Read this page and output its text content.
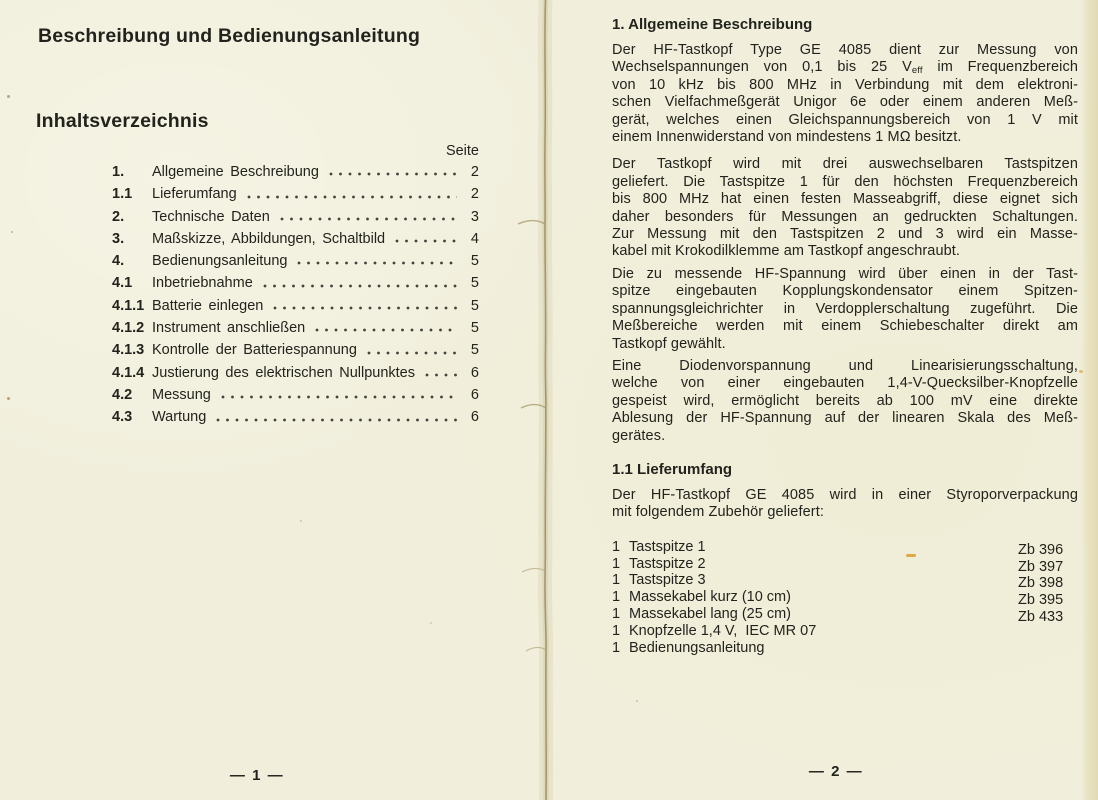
Beschreibung und Bedienungsanleitung
Inhaltsverzeichnis
Seite
1.	Allgemeine Beschreibung	2
1.1	Lieferumfang	2
2.	Technische Daten	3
3.	Maßskizze, Abbildungen, Schaltbild	4
4.	Bedienungsanleitung	5
4.1	Inbetriebnahme	5
4.1.1 Batterie einlegen	5
4.1.2 Instrument anschließen	5
4.1.3 Kontrolle der Batteriespannung	5
4.1.4 Justierung des elektrischen Nullpunktes	6
4.2	Messung	6
4.3	Wartung	6
— 1 —
1. Allgemeine Beschreibung
Der HF-Tastkopf Type GE 4085 dient zur Messung von
Wechselspannungen von 0,1 bis 25 $V_{eff}$ im Frequenzbereich
von 10 kHz bis 800 MHz in Verbindung mit dem elektroni-
schen Vielfachmeßgerät Unigor 6e oder einem anderen Meß-
gerät, welches einen Gleichspannungsbereich von 1 V mit
einem Innenwiderstand von mindestens 1 MΩ besitzt.
Der Tastkopf wird mit drei auswechselbaren Tastspitzen
geliefert. Die Tastspitze 1 für den höchsten Frequenzbereich
bis 800 MHz hat einen festen Masseabgriff, diese eignet sich
daher besonders für Messungen an gedruckten Schaltungen.
Zur Messung mit den Tastspitzen 2 und 3 wird ein Masse-
kabel mit Krokodilklemme am Tastkopf angeschraubt.
Die zu messende HF-Spannung wird über einen in der Tast-
spitze eingebauten Kopplungskondensator einem Spitzen-
spannungsgleichrichter in Verdopplerschaltung zugeführt. Die
Meßbereiche werden mit einem Schiebeschalter direkt am
Tastkopf gewählt.
Eine Diodenvorspannung und Linearisierungsschaltung,
welche von einer eingebauten 1,4-V-Quecksilber-Knopfzelle
gespeist wird, ermöglicht bereits ab 100 mV eine direkte
Ablesung der HF-Spannung auf der linearen Skala des Meß-
gerätes.
1.1 Lieferumfang
Der HF-Tastkopf GE 4085 wird in einer Styroporverpackung
mit folgendem Zubehör geliefert:
1 Tastspitze 1	Zb 396
1 Tastspitze 2	Zb 397
1 Tastspitze 3	Zb 398
1 Massekabel kurz (10 cm)	Zb 395
1 Massekabel lang (25 cm)	Zb 433
1 Knopfzelle 1,4 V,  IEC MR 07
1 Bedienungsanleitung
— 2 —
